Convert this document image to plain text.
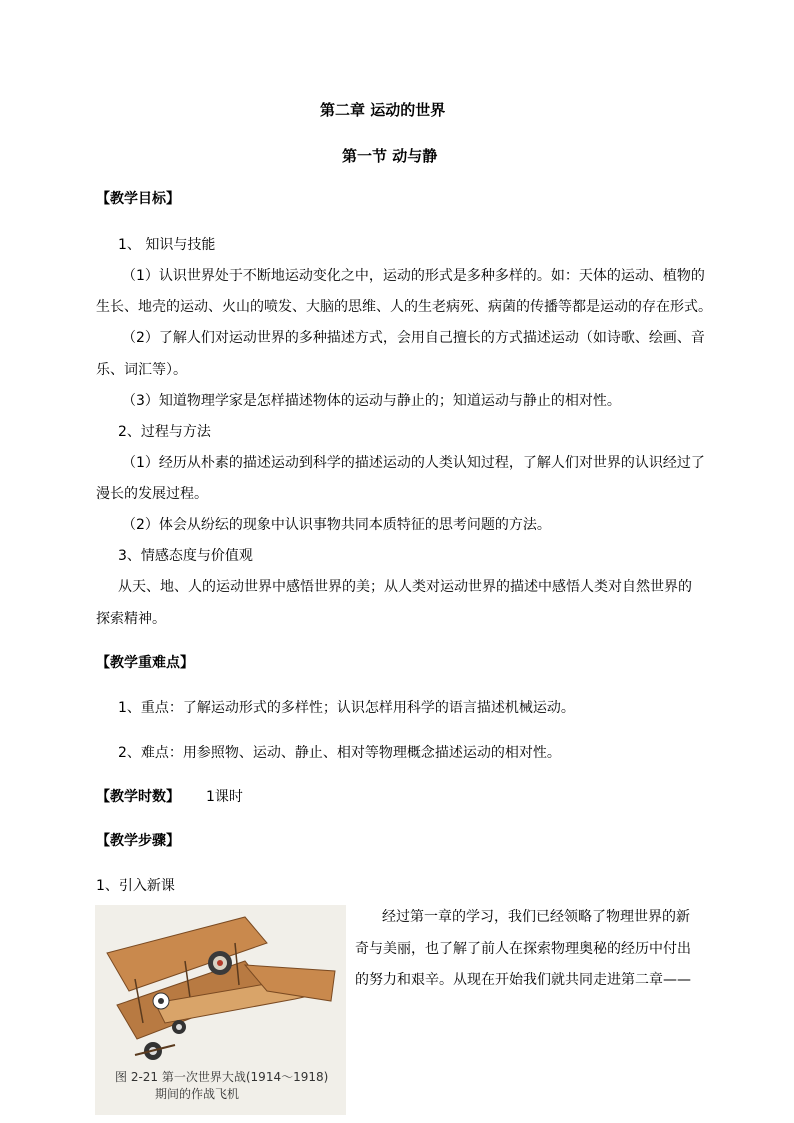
第二章 运动的世界
第一节 动与静
【教学目标】
1、 知识与技能
（1）认识世界处于不断地运动变化之中，运动的形式是多种多样的。如：天体的运动、植物的
生长、地壳的运动、火山的喷发、大脑的思维、人的生老病死、病菌的传播等都是运动的存在形式。
（2）了解人们对运动世界的多种描述方式，会用自己擅长的方式描述运动（如诗歌、绘画、音
乐、词汇等）。
（3）知道物理学家是怎样描述物体的运动与静止的；知道运动与静止的相对性。
2、过程与方法
（1）经历从朴素的描述运动到科学的描述运动的人类认知过程，了解人们对世界的认识经过了
漫长的发展过程。
（2）体会从纷纭的现象中认识事物共同本质特征的思考问题的方法。
3、情感态度与价值观
从天、地、人的运动世界中感悟世界的美；从人类对运动世界的描述中感悟人类对自然世界的
探索精神。
【教学重难点】
1、重点：了解运动形式的多样性；认识怎样用科学的语言描述机械运动。
2、难点：用参照物、运动、静止、相对等物理概念描述运动的相对性。
【教学时数】 1课时
【教学步骤】
1、引入新课
经过第一章的学习，我们已经领略了物理世界的新
奇与美丽，也了解了前人在探索物理奥秘的经历中付出
的努力和艰辛。从现在开始我们就共同走进第二章——
图 2-21 第一次世界大战(1914～1918)
期间的作战飞机
